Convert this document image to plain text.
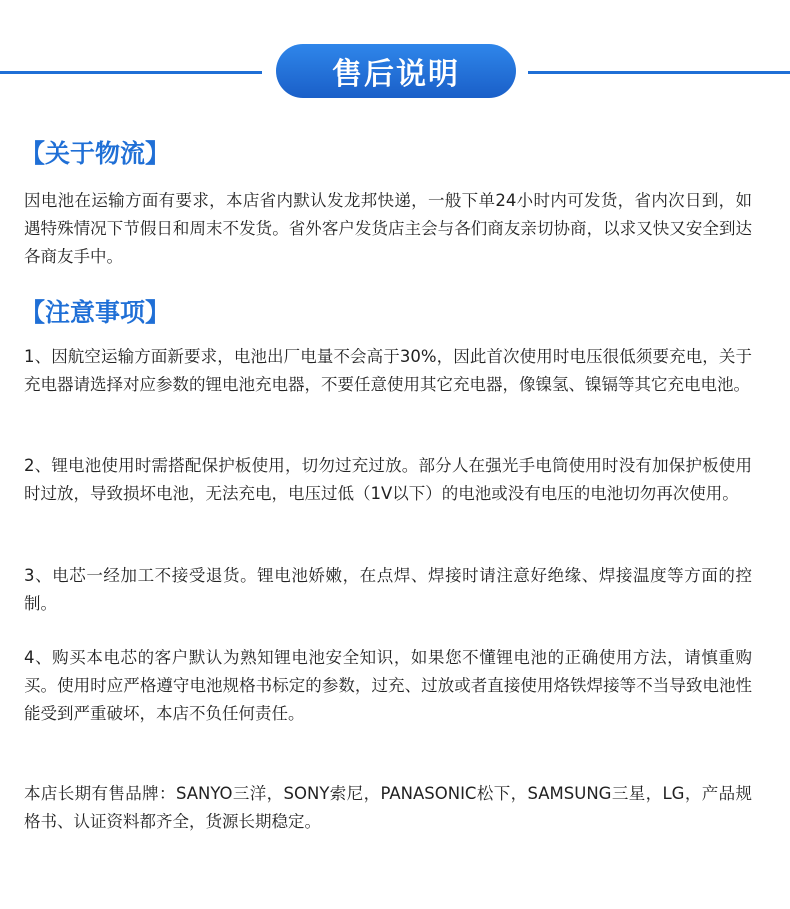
售后说明
【关于物流】

因电池在运输方面有要求，本店省内默认发龙邦快递，一般下单24小时内可发货，省内次日到，如遇特殊情况下节假日和周末不发货。省外客户发货店主会与各们商友亲切协商，以求又快又安全到达各商友手中。

【注意事项】

1、因航空运输方面新要求，电池出厂电量不会高于30%，因此首次使用时电压很低须要充电，关于充电器请选择对应参数的锂电池充电器，不要任意使用其它充电器，像镍氢、镍镉等其它充电电池。

2、锂电池使用时需搭配保护板使用，切勿过充过放。部分人在强光手电筒使用时没有加保护板使用时过放，导致损坏电池，无法充电，电压过低（1V以下）的电池或没有电压的电池切勿再次使用。

3、电芯一经加工不接受退货。锂电池娇嫩，在点焊、焊接时请注意好绝缘、焊接温度等方面的控制。

4、购买本电芯的客户默认为熟知锂电池安全知识，如果您不懂锂电池的正确使用方法，请慎重购买。使用时应严格遵守电池规格书标定的参数，过充、过放或者直接使用烙铁焊接等不当导致电池性能受到严重破坏，本店不负任何责任。

本店长期有售品牌：SANYO三洋，SONY索尼，PANASONIC松下，SAMSUNG三星，LG，产品规格书、认证资料都齐全，货源长期稳定。
